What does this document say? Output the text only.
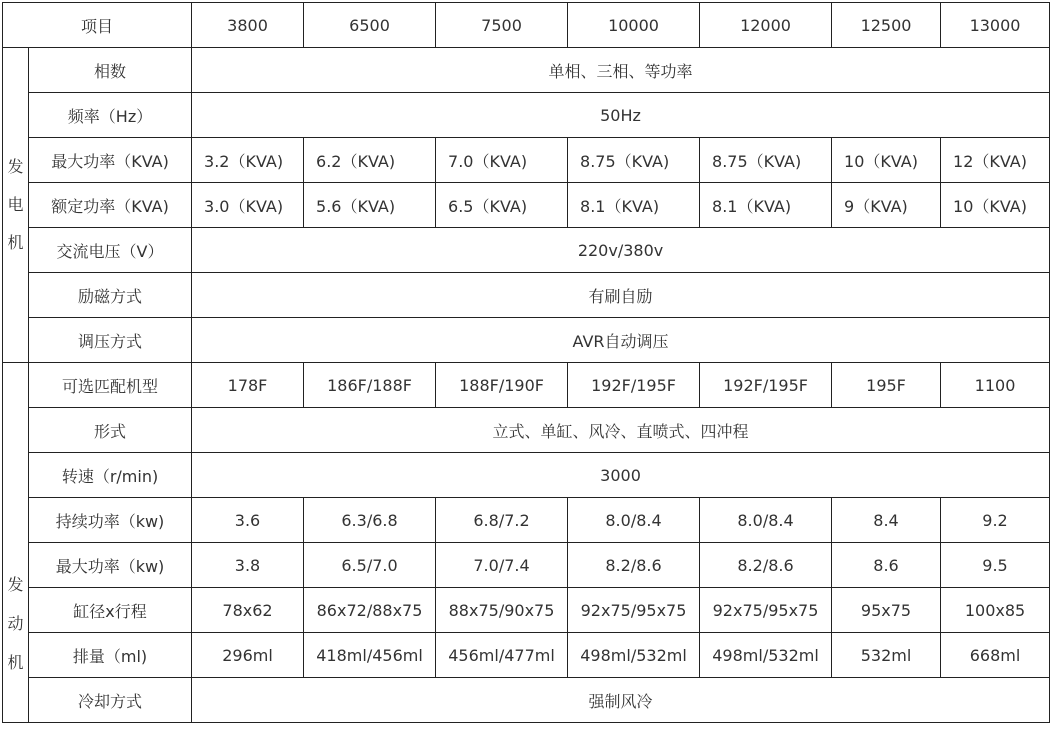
项目		3800	6500	7500	10000	12000	12500	13000

发
电
机	相数	单相、三相、等功率						
	频率（Hz）	50Hz						
	最大功率（KVA)	3.2（KVA)	6.2（KVA)	7.0（KVA)	8.75（KVA)	8.75（KVA)	10（KVA)	12（KVA)
	额定功率（KVA)	3.0（KVA)	5.6（KVA)	6.5（KVA)	8.1（KVA)	8.1（KVA)	9（KVA)	10（KVA)
	交流电压（V）	220v/380v						
	励磁方式	有刷自励						
	调压方式	AVR自动调压						

发
动
机	可选匹配机型	178F	186F/188F	188F/190F	192F/195F	192F/195F	195F	1100
	形式	立式、单缸、风冷、直喷式、四冲程						
	转速（r/min)	3000						
	持续功率（kw)	3.6	6.3/6.8	6.8/7.2	8.0/8.4	8.0/8.4	8.4	9.2
	最大功率（kw)	3.8	6.5/7.0	7.0/7.4	8.2/8.6	8.2/8.6	8.6	9.5
	缸径x行程	78x62	86x72/88x75	88x75/90x75	92x75/95x75	92x75/95x75	95x75	100x85
	排量（ml)	296ml	418ml/456ml	456ml/477ml	498ml/532ml	498ml/532ml	532ml	668ml
	冷却方式	强制风冷						
